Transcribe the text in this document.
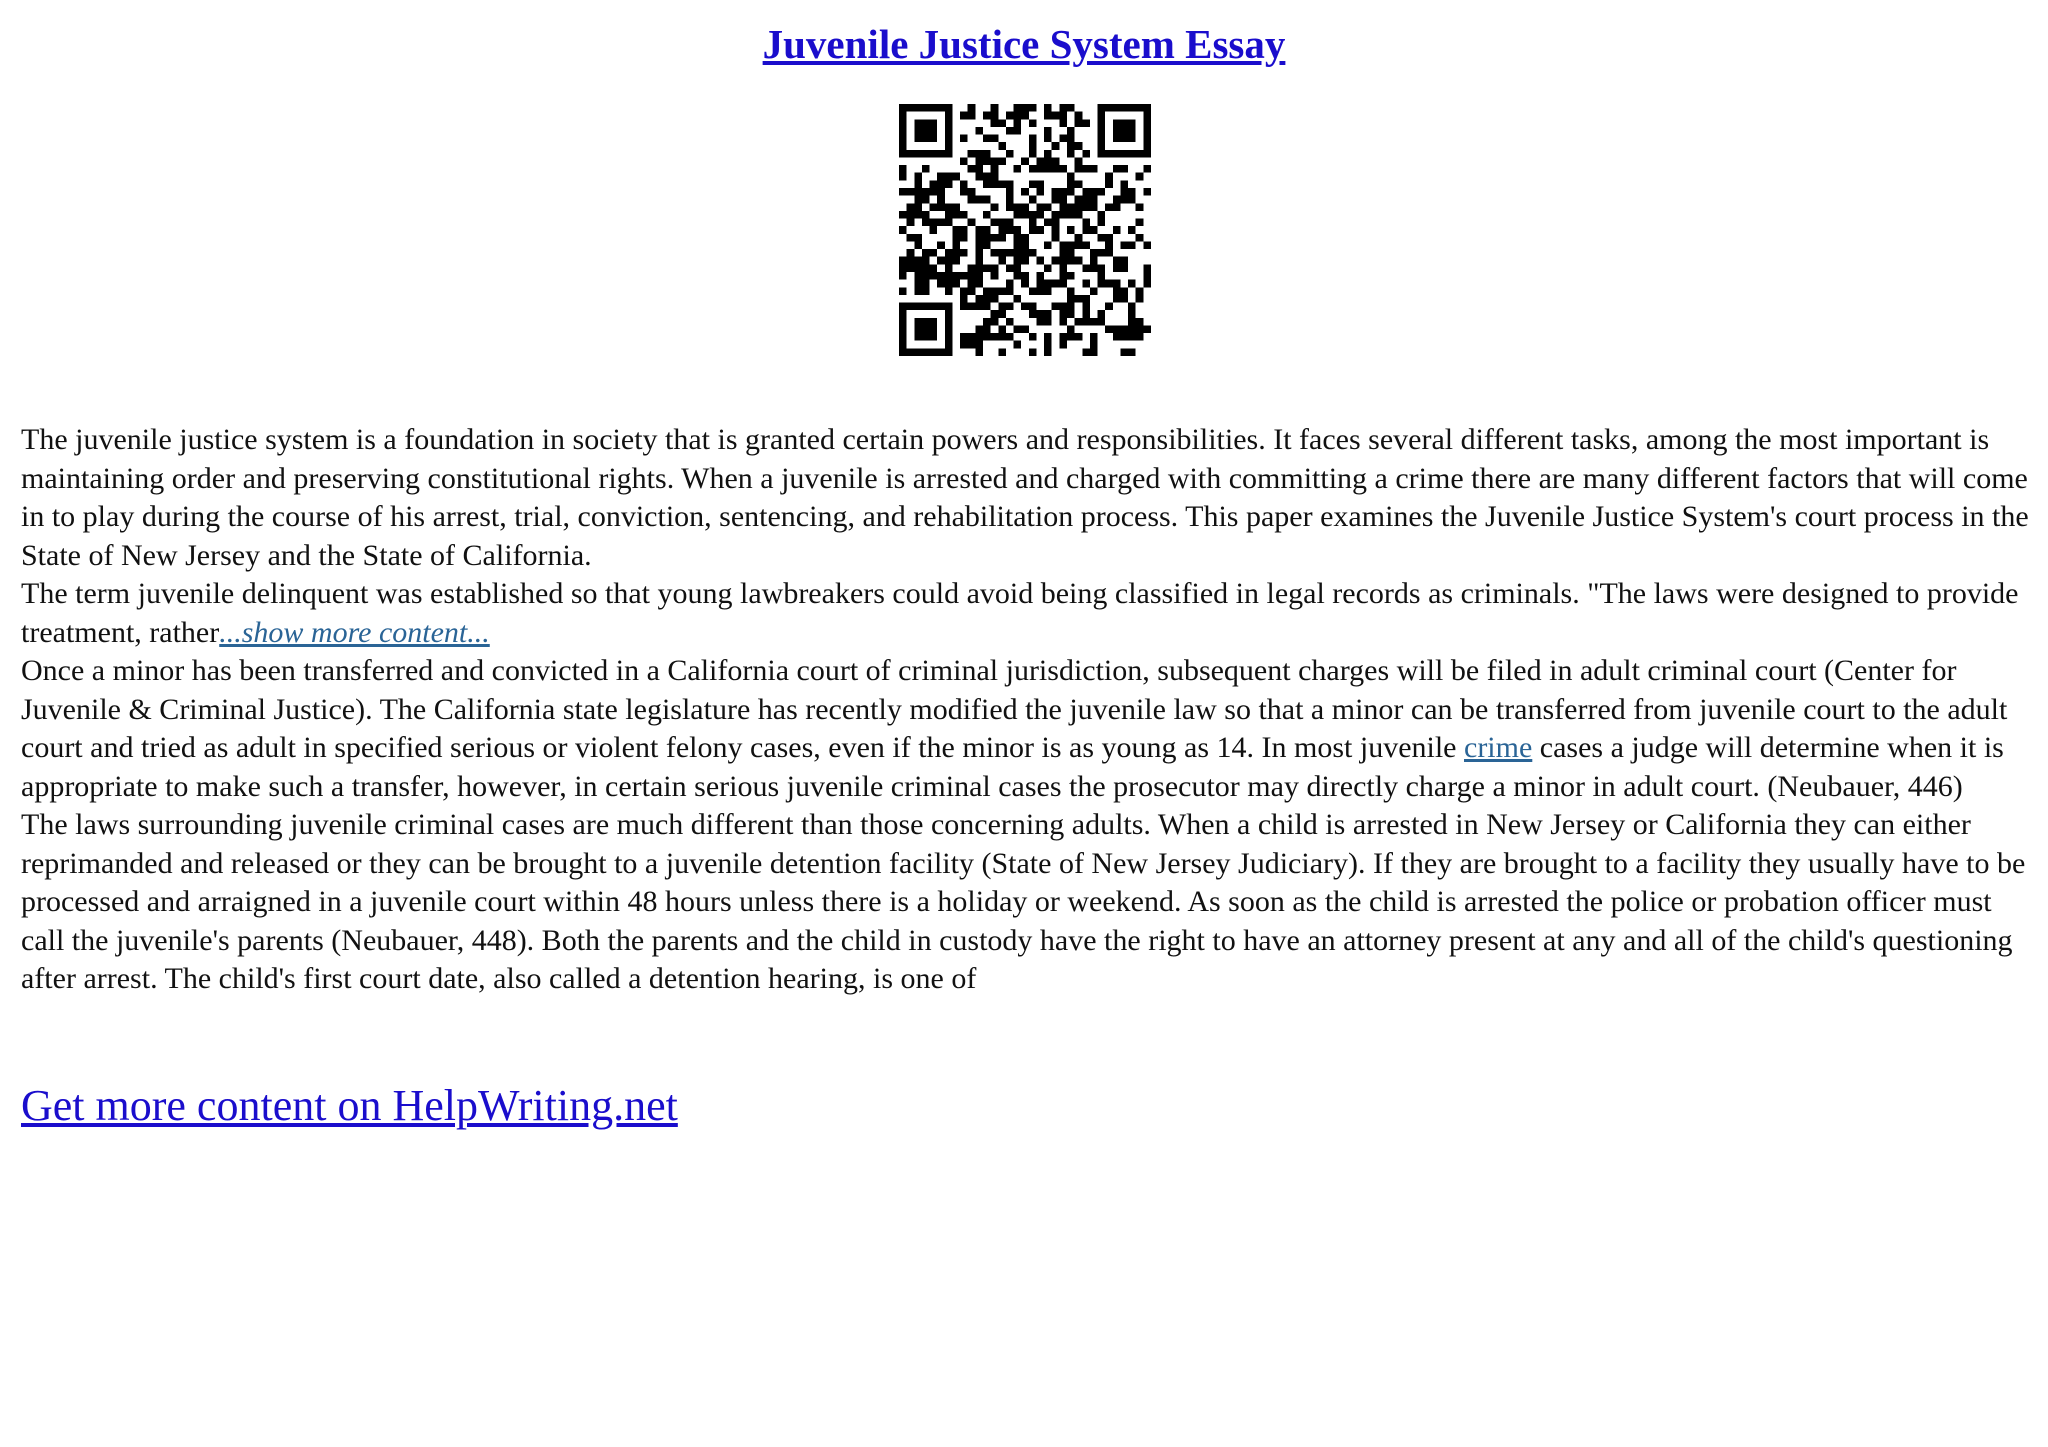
Juvenile Justice System Essay

The juvenile justice system is a foundation in society that is granted certain powers and responsibilities. It faces several different tasks, among the most important is maintaining order and preserving constitutional rights. When a juvenile is arrested and charged with committing a crime there are many different factors that will come in to play during the course of his arrest, trial, conviction, sentencing, and rehabilitation process. This paper examines the Juvenile Justice System's court process in the State of New Jersey and the State of California.

The term juvenile delinquent was established so that young lawbreakers could avoid being classified in legal records as criminals. "The laws were designed to provide treatment, rather...show more content...

Once a minor has been transferred and convicted in a California court of criminal jurisdiction, subsequent charges will be filed in adult criminal court (Center for Juvenile & Criminal Justice). The California state legislature has recently modified the juvenile law so that a minor can be transferred from juvenile court to the adult court and tried as adult in specified serious or violent felony cases, even if the minor is as young as 14. In most juvenile crime cases a judge will determine when it is appropriate to make such a transfer, however, in certain serious juvenile criminal cases the prosecutor may directly charge a minor in adult court. (Neubauer, 446)

The laws surrounding juvenile criminal cases are much different than those concerning adults. When a child is arrested in New Jersey or California they can either reprimanded and released or they can be brought to a juvenile detention facility (State of New Jersey Judiciary). If they are brought to a facility they usually have to be processed and arraigned in a juvenile court within 48 hours unless there is a holiday or weekend. As soon as the child is arrested the police or probation officer must call the juvenile's parents (Neubauer, 448). Both the parents and the child in custody have the right to have an attorney present at any and all of the child's questioning after arrest. The child's first court date, also called a detention hearing, is one of

Get more content on HelpWriting.net
